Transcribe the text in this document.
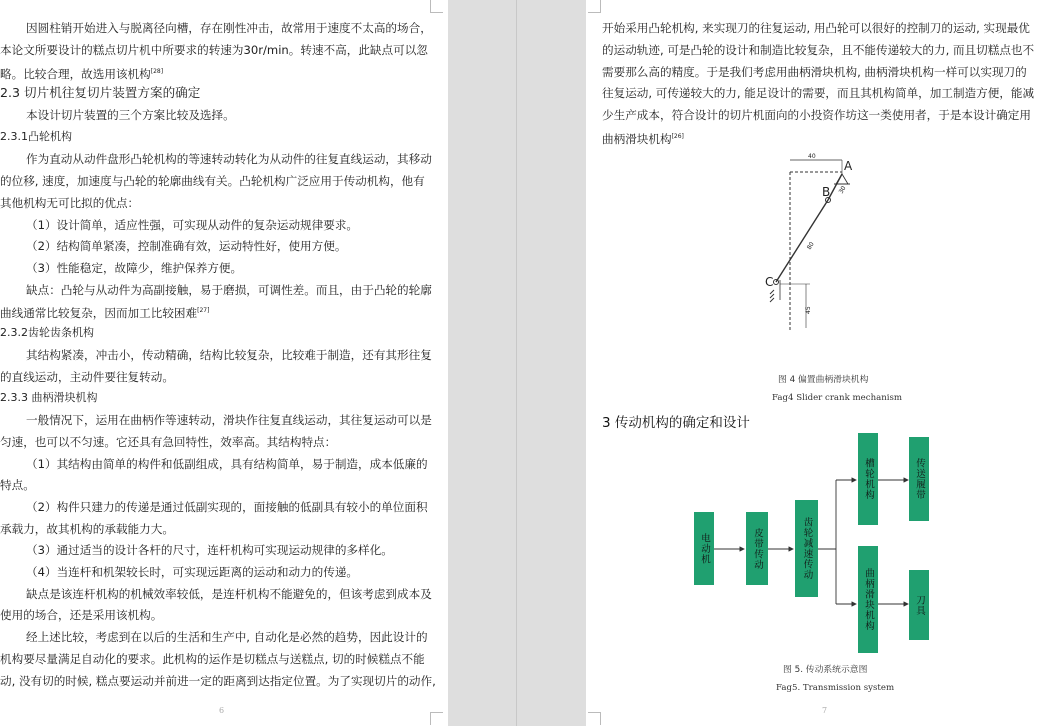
因圆柱销开始进入与脱离径向槽，存在刚性冲击，故常用于速度不太高的场合，
本论文所要设计的糕点切片机中所要求的转速为30r/min。转速不高，此缺点可以忽
略。比较合理，故选用该机构[28]
2.3 切片机往复切片装置方案的确定
本设计切片装置的三个方案比较及选择。
2.3.1凸轮机构
作为直动从动件盘形凸轮机构的等速转动转化为从动件的往复直线运动，其移动
的位移, 速度，加速度与凸轮的轮廓曲线有关。凸轮机构广泛应用于传动机构，他有
其他机构无可比拟的优点：
（1）设计简单，适应性强，可实现从动件的复杂运动规律要求。
（2）结构简单紧凑，控制准确有效，运动特性好，使用方便。
（3）性能稳定，故障少，维护保养方便。
缺点：凸轮与从动件为高副接触，易于磨损，可调性差。而且，由于凸轮的轮廓
曲线通常比较复杂，因而加工比较困难[27]
2.3.2齿轮齿条机构
其结构紧凑，冲击小，传动精确，结构比较复杂，比较难于制造，还有其形往复
的直线运动，主动件要往复转动。
2.3.3 曲柄滑块机构
一般情况下，运用在曲柄作等速转动，滑块作往复直线运动，其往复运动可以是
匀速，也可以不匀速。它还具有急回特性，效率高。其结构特点：
（1）其结构由简单的构件和低副组成，具有结构简单，易于制造，成本低廉的
特点。
（2）构件只建力的传递是通过低副实现的，面接触的低副具有较小的单位面积
承载力，故其机构的承载能力大。
（3）通过适当的设计各杆的尺寸，连杆机构可实现运动规律的多样化。
（4）当连杆和机架较长时，可实现远距离的运动和动力的传递。
缺点是该连杆机构的机械效率较低，是连杆机构不能避免的，但该考虑到成本及
使用的场合，还是采用该机构。
经上述比较，考虑到在以后的生活和生产中, 自动化是必然的趋势，因此设计的
机构要尽量满足自动化的要求。此机构的运作是切糕点与送糕点, 切的时候糕点不能
动, 没有切的时候, 糕点要运动并前进一定的距离到达指定位置。为了实现切片的动作,
6
开始采用凸轮机构, 来实现刀的往复运动, 用凸轮可以很好的控制刀的运动, 实现最优
的运动轨迹, 可是凸轮的设计和制造比较复杂，且不能传递较大的力, 而且切糕点也不
需要那么高的精度。于是我们考虑用曲柄滑块机构, 曲柄滑块机构一样可以实现刀的
往复运动, 可传递较大的力, 能足设计的需要，而且其机构简单，加工制造方便，能减
少生产成本，符合设计的切片机面向的小投资作坊这一类使用者，于是本设计确定用
曲柄滑块机构[26]
A
B
C
40
30
80
45
图 4 偏置曲柄滑块机构
Fag4 Slider crank mechanism
3 传动机构的确定和设计
电动机	皮带传动	齿轮减速传动
槽轮机构	传送履带
曲柄滑块机构	刀具
图 5. 传动系统示意图
Fag5. Transmission system
7
